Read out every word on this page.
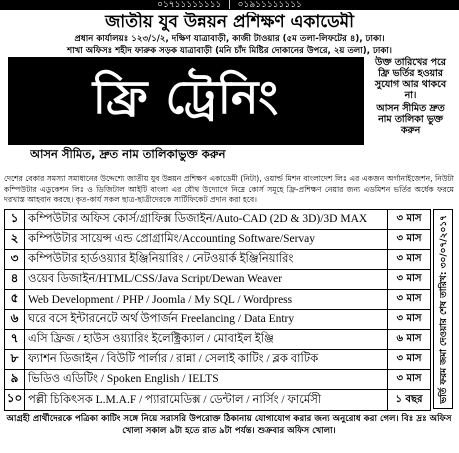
০১৭১১১১১১১১ | ০১৯১১১১১১১১
জাতীয় যুব উন্নয়ন প্রশিক্ষণ একাডেমী
প্রধান কার্যালয়ঃ ১২৩/১/২, দক্ষিণ যাত্রাবাড়ী, কাজী টাওয়ার (৫ম তলা-লিফটের ৪), ঢাকা।
শাখা অফিসঃ শহীদ ফারুক সড়ক যাত্রাবাড়ী (মনি চাঁদ মিষ্টির দোকানের উপরে, ২য় তলা), ঢাকা।
ফ্রি ট্রেনিং
উক্ত তারিখের পরে ফ্রি ভর্তির হওয়ার সুযোগ আর থাকবে না।
আসন সীমিত দ্রুত নাম তালিকা ভুক্ত করুন
আসন সীমিত, দ্রুত নাম তালিকাভুক্ত করুন
দেশের বেকার সমস্যা সমাধানের উদ্দেশ্যে জাতীয় যুব উন্নয়ন প্রশিক্ষণ একাডেমী (নিটা), ওয়ার্ল্ড মিশন বাংলাদেশ লিঃ এর একজন অর্গানাইজেশন, নিউটা কম্পিউটার এডুকেশন লিঃ ও ডিজিটাল আইটি বাংলা এর যৌথ উদ্যোগে নিম্নে কোর্স সমূহে ফ্রি-প্রশিক্ষণ নেয়ার জন্য এডমিশন ভর্তির অর্ধেক ফরমে দরখাস্ত আহবান করছে। কৃত-কার্য সকল ছাত্র-ছাত্রীদেরকে সার্টিফিকেট প্রদান করা হবে।
১ কম্পিউটার অফিস কোর্স/গ্রাফিক্স ডিজাইন/Auto-CAD (2D & 3D)/3D MAX	৩ মাস
২ কম্পিউটার সায়েন্স এন্ড প্রোগ্রামিং/Accounting Software/Servay	৩ মাস
৩ কম্পিউটার হার্ডওয়্যার ইঞ্জিনিয়ারিং / নেটওয়ার্ক ইঞ্জিনিয়ারিং	৩ মাস
৪ ওয়েব ডিজাইন/HTML/CSS/Java Script/Dewan Weaver	৩ মাস
৫ Web Development / PHP / Joomla / My SQL / Wordpress	৩ মাস
৬ ঘরে বসে ইন্টারনেটে অর্থ উপার্জন Freelancing / Data Entry	৩ মাস
৭ এসি ফ্রিজ / হাউস ওয়্যারিং ইলেক্ট্রিক্যাল / মোবাইল ইঞ্জি	৬ মাস
৮ ফ্যাশন ডিজাইন / বিউটি পার্লার / রান্না / সেলাই কাটিং / ব্লক বাটিক	৩ মাস
৯ ভিডিও এডিটিং / Spoken English / IELTS	৩ মাস
১০ পল্লী চিকিৎসক L.M.A.F / প্যারামেডিক্স / ডেন্টাল / নার্সিং / ফার্মেসী	১ বছর	ভর্তি ফরম জমা দেওয়ার শেষ তারিখ: ৩০/০৭/২০১৭
আগ্রহী প্রার্থীদেরকে পত্রিকা কাটিং সঙ্গে নিয়ে সরাসরি উপরোক্ত ঠিকানায় যোগাযোগ করার জন্য অনুরোধ করা গেল। বিঃ দ্রঃ অফিস খোলা সকাল ৯টা হতে রাত ৯টা পর্যন্ত। শুক্রবার অফিস খোলা।
